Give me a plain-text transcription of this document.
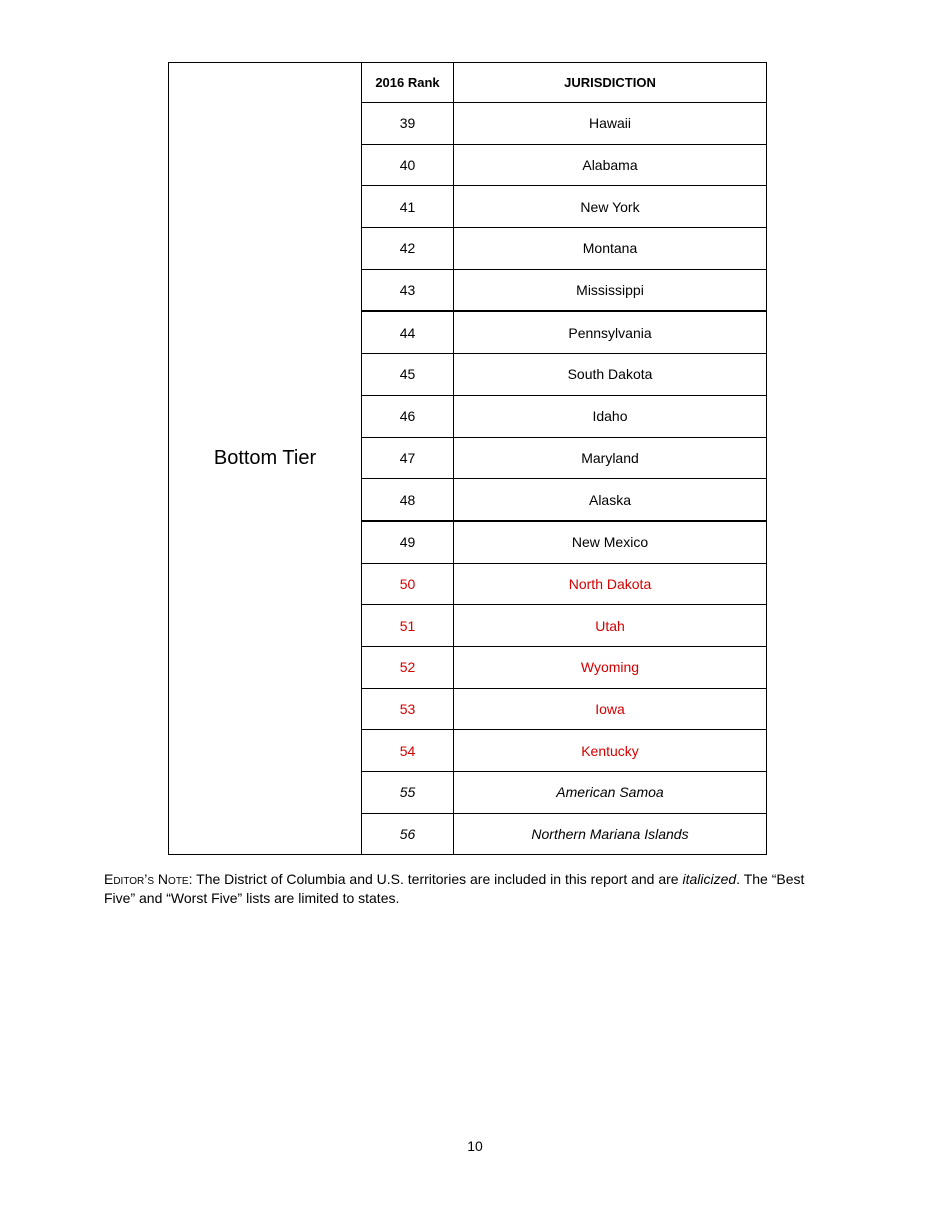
Bottom Tier	2016 Rank	JURISDICTION
	39	Hawaii
	40	Alabama
	41	New York
	42	Montana
	43	Mississippi
	44	Pennsylvania
	45	South Dakota
	46	Idaho
	47	Maryland
	48	Alaska
	49	New Mexico
	50	North Dakota
	51	Utah
	52	Wyoming
	53	Iowa
	54	Kentucky
	55	American Samoa
	56	Northern Mariana Islands
Editor’s Note: The District of Columbia and U.S. territories are included in this report and are italicized. The “Best Five” and “Worst Five” lists are limited to states.
10
